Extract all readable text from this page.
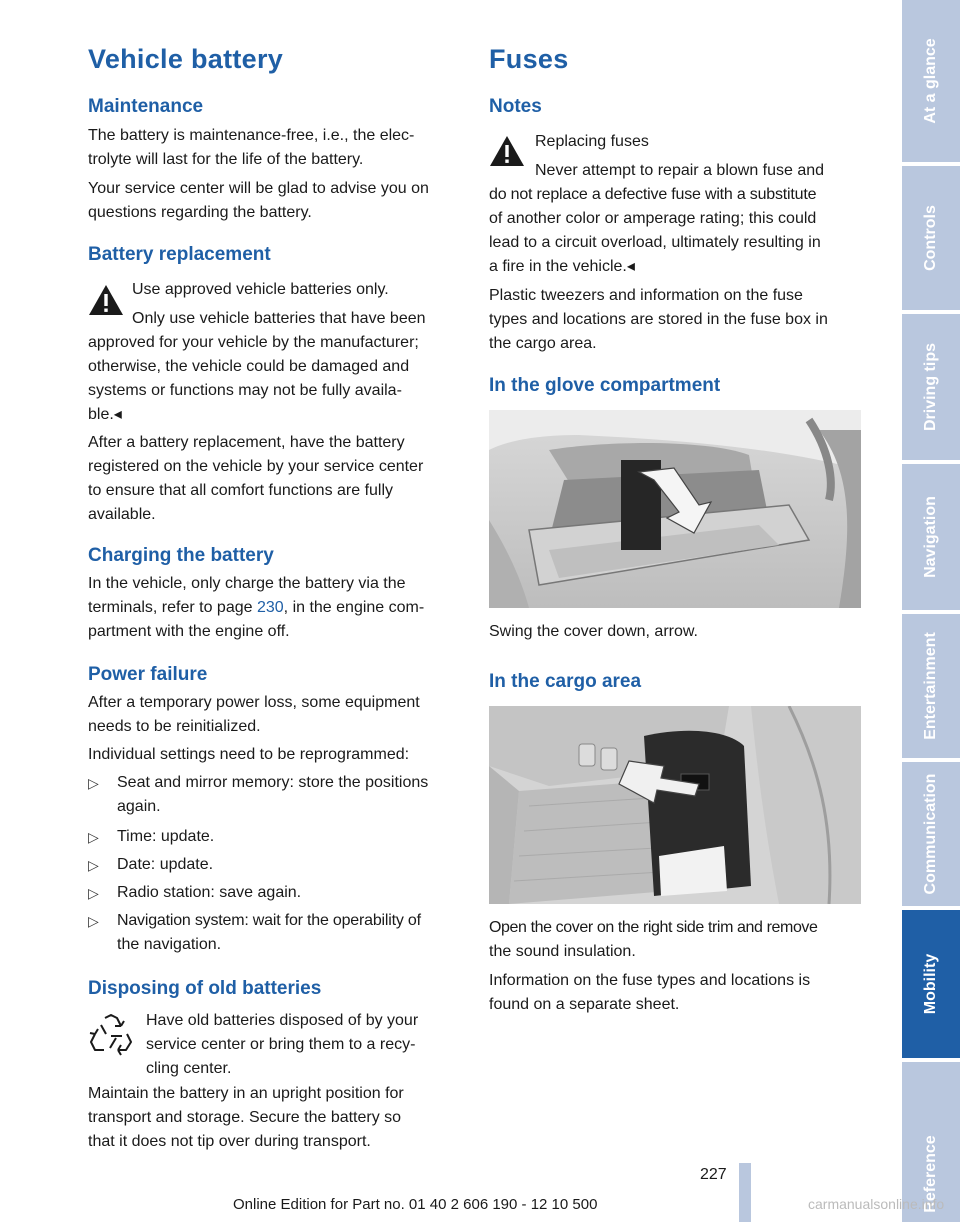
Vehicle battery
Maintenance

The battery is maintenance-free, i.e., the elec-

trolyte will last for the life of the battery.

Your service center will be glad to advise you on

questions regarding the battery.

Battery replacement

Use approved vehicle batteries only.

Only use vehicle batteries that have been

approved for your vehicle by the manufacturer;

otherwise, the vehicle could be damaged and

systems or functions may not be fully availa-

ble.◂

After a battery replacement, have the battery

registered on the vehicle by your service center

to ensure that all comfort functions are fully

available.

Charging the battery

In the vehicle, only charge the battery via the

terminals, refer to page 230, in the engine com-

partment with the engine off.

Power failure

After a temporary power loss, some equipment

needs to be reinitialized.

Individual settings need to be reprogrammed:

▷ Seat and mirror memory: store the positions

again.

▷ Time: update.

▷ Date: update.

▷ Radio station: save again.

▷ Navigation system: wait for the operability of

the navigation.

Disposing of old batteries

Have old batteries disposed of by your

service center or bring them to a recy-

cling center.

Maintain the battery in an upright position for

transport and storage. Secure the battery so

that it does not tip over during transport.

Fuses
Notes

Replacing fuses

Never attempt to repair a blown fuse and

do not replace a defective fuse with a substitute

of another color or amperage rating; this could

lead to a circuit overload, ultimately resulting in

a fire in the vehicle.◂

Plastic tweezers and information on the fuse

types and locations are stored in the fuse box in

the cargo area.

In the glove compartment

Swing the cover down, arrow.

In the cargo area

Open the cover on the right side trim and remove

the sound insulation.

Information on the fuse types and locations is

found on a separate sheet.

At a glance
Controls
Driving tips
Navigation
Entertainment
Communication
Mobility
Reference
227
Online Edition for Part no. 01 40 2 606 190 - 12 10 500	carmanualsonline.info
